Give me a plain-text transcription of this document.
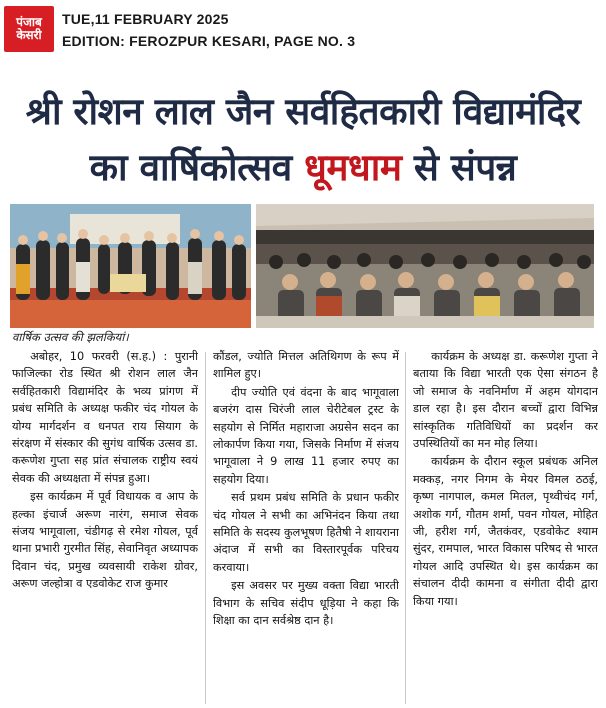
पंजाब
केसरी
TUE,11 FEBRUARY 2025
EDITION: FEROZPUR KESARI, PAGE NO. 3
श्री रोशन लाल जैन सर्वहितकारी विद्यामंदिर
का वार्षिकोत्सव धूमधाम से संपन्न
वार्षिक उत्सव की झलकियां।

अबोहर, 10 फरवरी (स.ह.) : पुरानी फाजिल्का रोड स्थित श्री रोशन लाल जैन सर्वहितकारी विद्यामंदिर के भव्य प्रांगण में प्रबंध समिति के अध्यक्ष फकीर चंद गोयल के योग्य मार्गदर्शन व धनपत राय सियाग के संरक्षण में संस्कार की सुगंध वार्षिक उत्सव डा. करूणेश गुप्ता सह प्रांत संचालक राष्ट्रीय स्वयं सेवक की अध्यक्षता में संपन्न हुआ।

इस कार्यक्रम में पूर्व विधायक व आप के हल्का इंचार्ज अरूण नारंग, समाज सेवक संजय भागूवाला, चंडीगढ़ से रमेश गोयल, पूर्व थाना प्रभारी गुरमीत सिंह, सेवानिवृत अध्यापक दिवान चंद, प्रमुख व्यवसायी राकेश ग्रोवर, अरूण जल्होत्रा व एडवोकेट राज कुमार

कौंडल, ज्योति मित्तल अतिथिगण के रूप में शामिल हुए।

दीप ज्योति एवं वंदना के बाद भागूवाला बजरंग दास चिरंजी लाल चेरीटेबल ट्रस्ट के सहयोग से निर्मित महाराजा अग्रसेन सदन का लोकार्पण किया गया, जिसके निर्माण में संजय भागूवाला ने 9 लाख 11 हजार रुपए का सहयोग दिया।

सर्व प्रथम प्रबंध समिति के प्रधान फकीर चंद गोयल ने सभी का अभिनंदन किया तथा समिति के सदस्य कुलभूषण हितैषी ने शायराना अंदाज में सभी का विस्तारपूर्वक परिचय करवाया।

इस अवसर पर मुख्य वक्ता विद्या भारती विभाग के सचिव संदीप धूड़िया ने कहा कि शिक्षा का दान सर्वश्रेष्ठ दान है।

कार्यक्रम के अध्यक्ष डा. करूणेश गुप्ता ने बताया कि विद्या भारती एक ऐसा संगठन है जो समाज के नवनिर्माण में अहम योगदान डाल रहा है। इस दौरान बच्चों द्वारा विभिन्न सांस्कृतिक गतिविधियों का प्रदर्शन कर उपस्थितियों का मन मोह लिया।

कार्यक्रम के दौरान स्कूल प्रबंधक अनिल मक्कड़, नगर निगम के मेयर विमल ठठई, कृष्ण नागपाल, कमल मितल, पृथ्वीचंद गर्ग, अशोक गर्ग, गौतम शर्मा, पवन गोयल, मोहित जी, हरीश गर्ग, जैतकंवर, एडवोकेट श्याम सुंदर, रामपाल, भारत विकास परिषद से भारत गोयल आदि उपस्थित थे। इस कार्यक्रम का संचालन दीदी कामना व संगीता दीदी द्वारा किया गया।
